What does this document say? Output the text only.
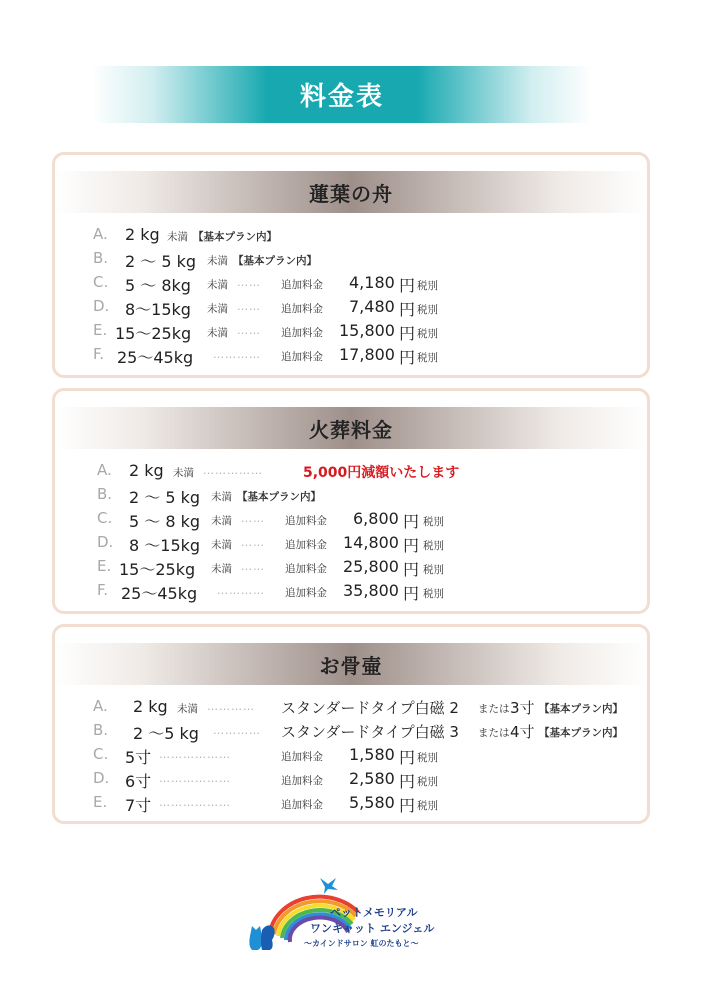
料金表
蓮葉の舟
A. 2 kg 未満 【基本プラン内】
B. 2 ～ 5 kg 未満 【基本プラン内】
C. 5 ～ 8kg 未満 …… 追加料金 4,180 円 税別
D. 8～15kg 未満 …… 追加料金 7,480 円 税別
E. 15～25kg 未満 …… 追加料金 15,800 円 税別
F. 25～45kg ………… 追加料金 17,800 円 税別
火葬料金
A. 2 kg 未満 ……………	5,000円減額いたします
B. 2 ～ 5 kg 未満 【基本プラン内】
C. 5 ～ 8 kg 未満 …… 追加料金 6,800 円 税別
D. 8 ～15kg 未満 …… 追加料金 14,800 円 税別
E. 15～25kg 未満 …… 追加料金 25,800 円 税別
F. 25～45kg ………… 追加料金 35,800 円 税別
お骨壷
A. 2 kg 未満 ………… スタンダードタイプ白磁 2 または 3寸 【基本プラン内】
B. 2 ～5 kg ………… スタンダードタイプ白磁 3 または 4寸 【基本プラン内】
C. 5寸 ………………	追加料金 1,580 円 税別
D. 6寸 ………………	追加料金 2,580 円 税別
E. 7寸 ………………	追加料金 5,580 円 税別
ペットメモリアル
ワンキャット エンジェル
〜カインドサロン 虹のたもと〜
